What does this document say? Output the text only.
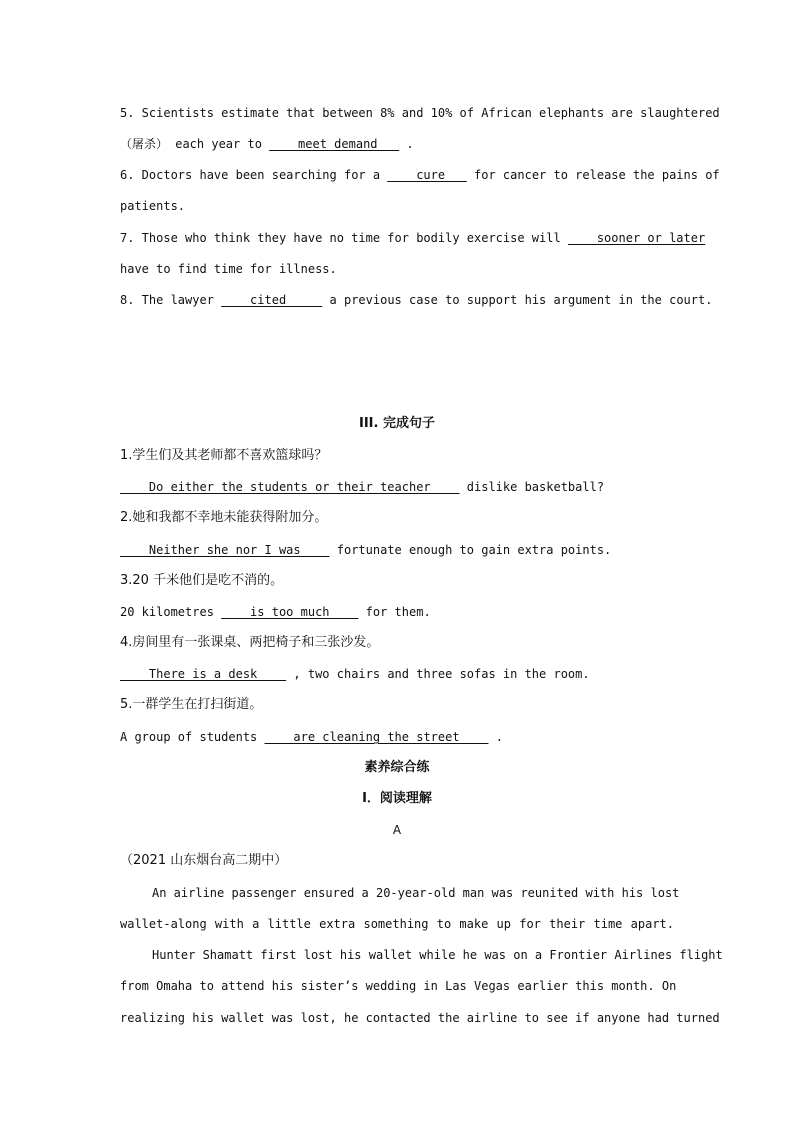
5. Scientists estimate that between 8% and 10% of African elephants are slaughtered
（屠杀） each year to     meet demand    .
6. Doctors have been searching for a     cure    for cancer to release the pains of
patients.
7. Those who think they have no time for bodily exercise will     sooner or later
have to find time for illness.
8. The lawyer     cited      a previous case to support his argument in the court.
III. 完成句子
1.学生们及其老师都不喜欢篮球吗？
Do either the students or their teacher     dislike basketball?
2.她和我都不幸地未能获得附加分。
Neither she nor I was     fortunate enough to gain extra points.
3.20 千米他们是吃不消的。
20 kilometres     is too much     for them.
4.房间里有一张课桌、两把椅子和三张沙发。
There is a desk     , two chairs and three sofas in the room.
5.一群学生在打扫街道。
A group of students     are cleaning the street     .
素养综合练
I．阅读理解
A
（2021 山东烟台高二期中）
An airline passenger ensured a 20-year-old man was reunited with his lost
wallet-along with a little extra something to make up for their time apart.
Hunter Shamatt first lost his wallet while he was on a Frontier Airlines flight
from Omaha to attend his sister’s wedding in Las Vegas earlier this month. On
realizing his wallet was lost, he contacted the airline to see if anyone had turned
